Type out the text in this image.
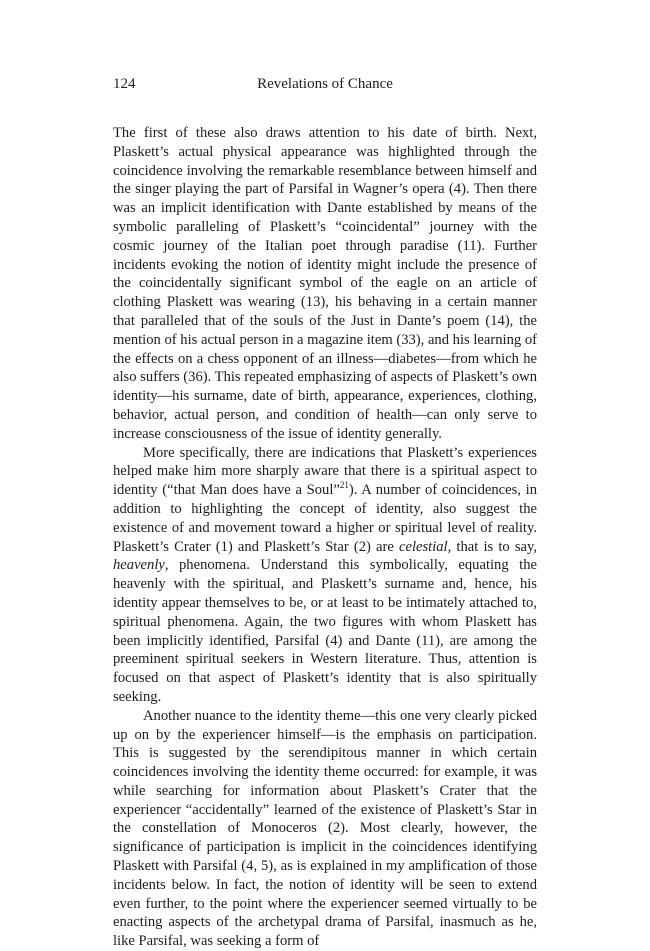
124	Revelations of Chance

The first of these also draws attention to his date of birth. Next, Plaskett’s actual physical appearance was highlighted through the coincidence involving the remarkable resemblance between himself and the singer playing the part of Parsifal in Wagner’s opera (4). Then there was an implicit identification with Dante established by means of the symbolic paralleling of Plaskett’s “coincidental” journey with the cosmic journey of the Italian poet through paradise (11). Further incidents evoking the notion of identity might include the presence of the coincidentally significant symbol of the eagle on an article of clothing Plaskett was wearing (13), his behaving in a certain manner that paralleled that of the souls of the Just in Dante’s poem (14), the mention of his actual person in a magazine item (33), and his learning of the effects on a chess opponent of an illness—diabetes—from which he also suffers (36). This repeated emphasizing of aspects of Plaskett’s own identity—his surname, date of birth, appearance, experiences, clothing, behavior, actual person, and condition of health—can only serve to increase consciousness of the issue of identity generally.

More specifically, there are indications that Plaskett’s experiences helped make him more sharply aware that there is a spiritual aspect to identity (“that Man does have a Soul”$^{21}$). A number of coincidences, in addition to highlighting the concept of identity, also suggest the existence of and movement toward a higher or spiritual level of reality. Plaskett’s Crater (1) and Plaskett’s Star (2) are celestial, that is to say, heavenly, phenomena. Understand this symbolically, equating the heavenly with the spiritual, and Plaskett’s surname and, hence, his identity appear themselves to be, or at least to be intimately attached to, spiritual phenomena. Again, the two figures with whom Plaskett has been implicitly identified, Parsifal (4) and Dante (11), are among the preeminent spiritual seekers in Western literature. Thus, attention is focused on that aspect of Plaskett’s identity that is also spiritually seeking.

Another nuance to the identity theme—this one very clearly picked up on by the experiencer himself—is the emphasis on participation. This is suggested by the serendipitous manner in which certain coincidences involving the identity theme occurred: for example, it was while searching for information about Plaskett’s Crater that the experiencer “accidentally” learned of the existence of Plaskett’s Star in the constellation of Monoceros (2). Most clearly, however, the significance of participation is implicit in the coincidences identifying Plaskett with Parsifal (4, 5), as is explained in my amplification of those incidents below. In fact, the notion of identity will be seen to extend even further, to the point where the experiencer seemed virtually to be enacting aspects of the archetypal drama of Parsifal, inasmuch as he, like Parsifal, was seeking a form of
